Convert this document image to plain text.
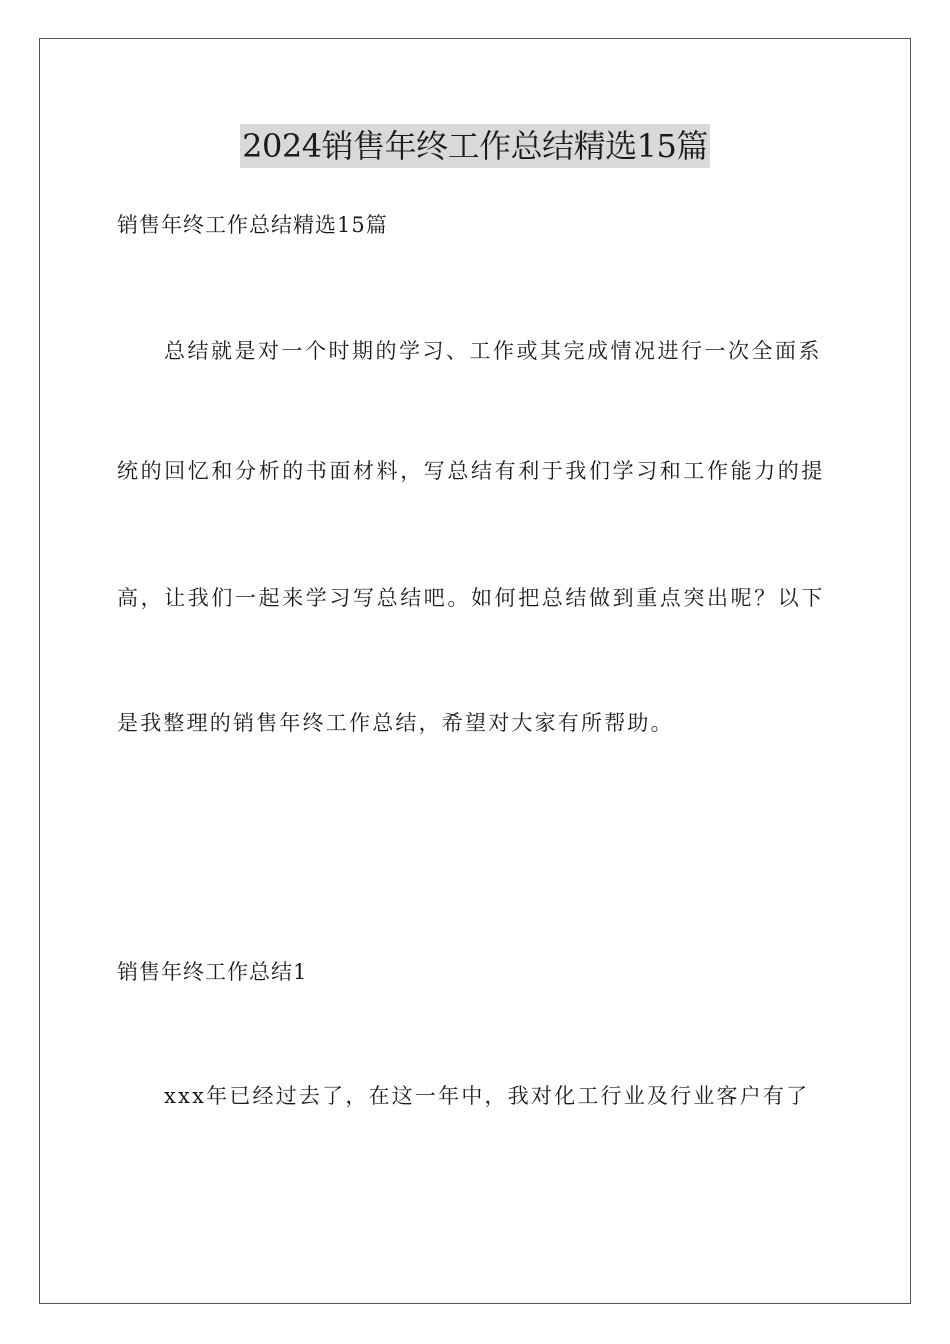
2024销售年终工作总结精选15篇

销售年终工作总结精选15篇

总结就是对一个时期的学习、工作或其完成情况进行一次全面系

统的回忆和分析的书面材料，写总结有利于我们学习和工作能力的提

高，让我们一起来学习写总结吧。如何把总结做到重点突出呢？以下

是我整理的销售年终工作总结，希望对大家有所帮助。

销售年终工作总结1

xxx年已经过去了，在这一年中，我对化工行业及行业客户有了
